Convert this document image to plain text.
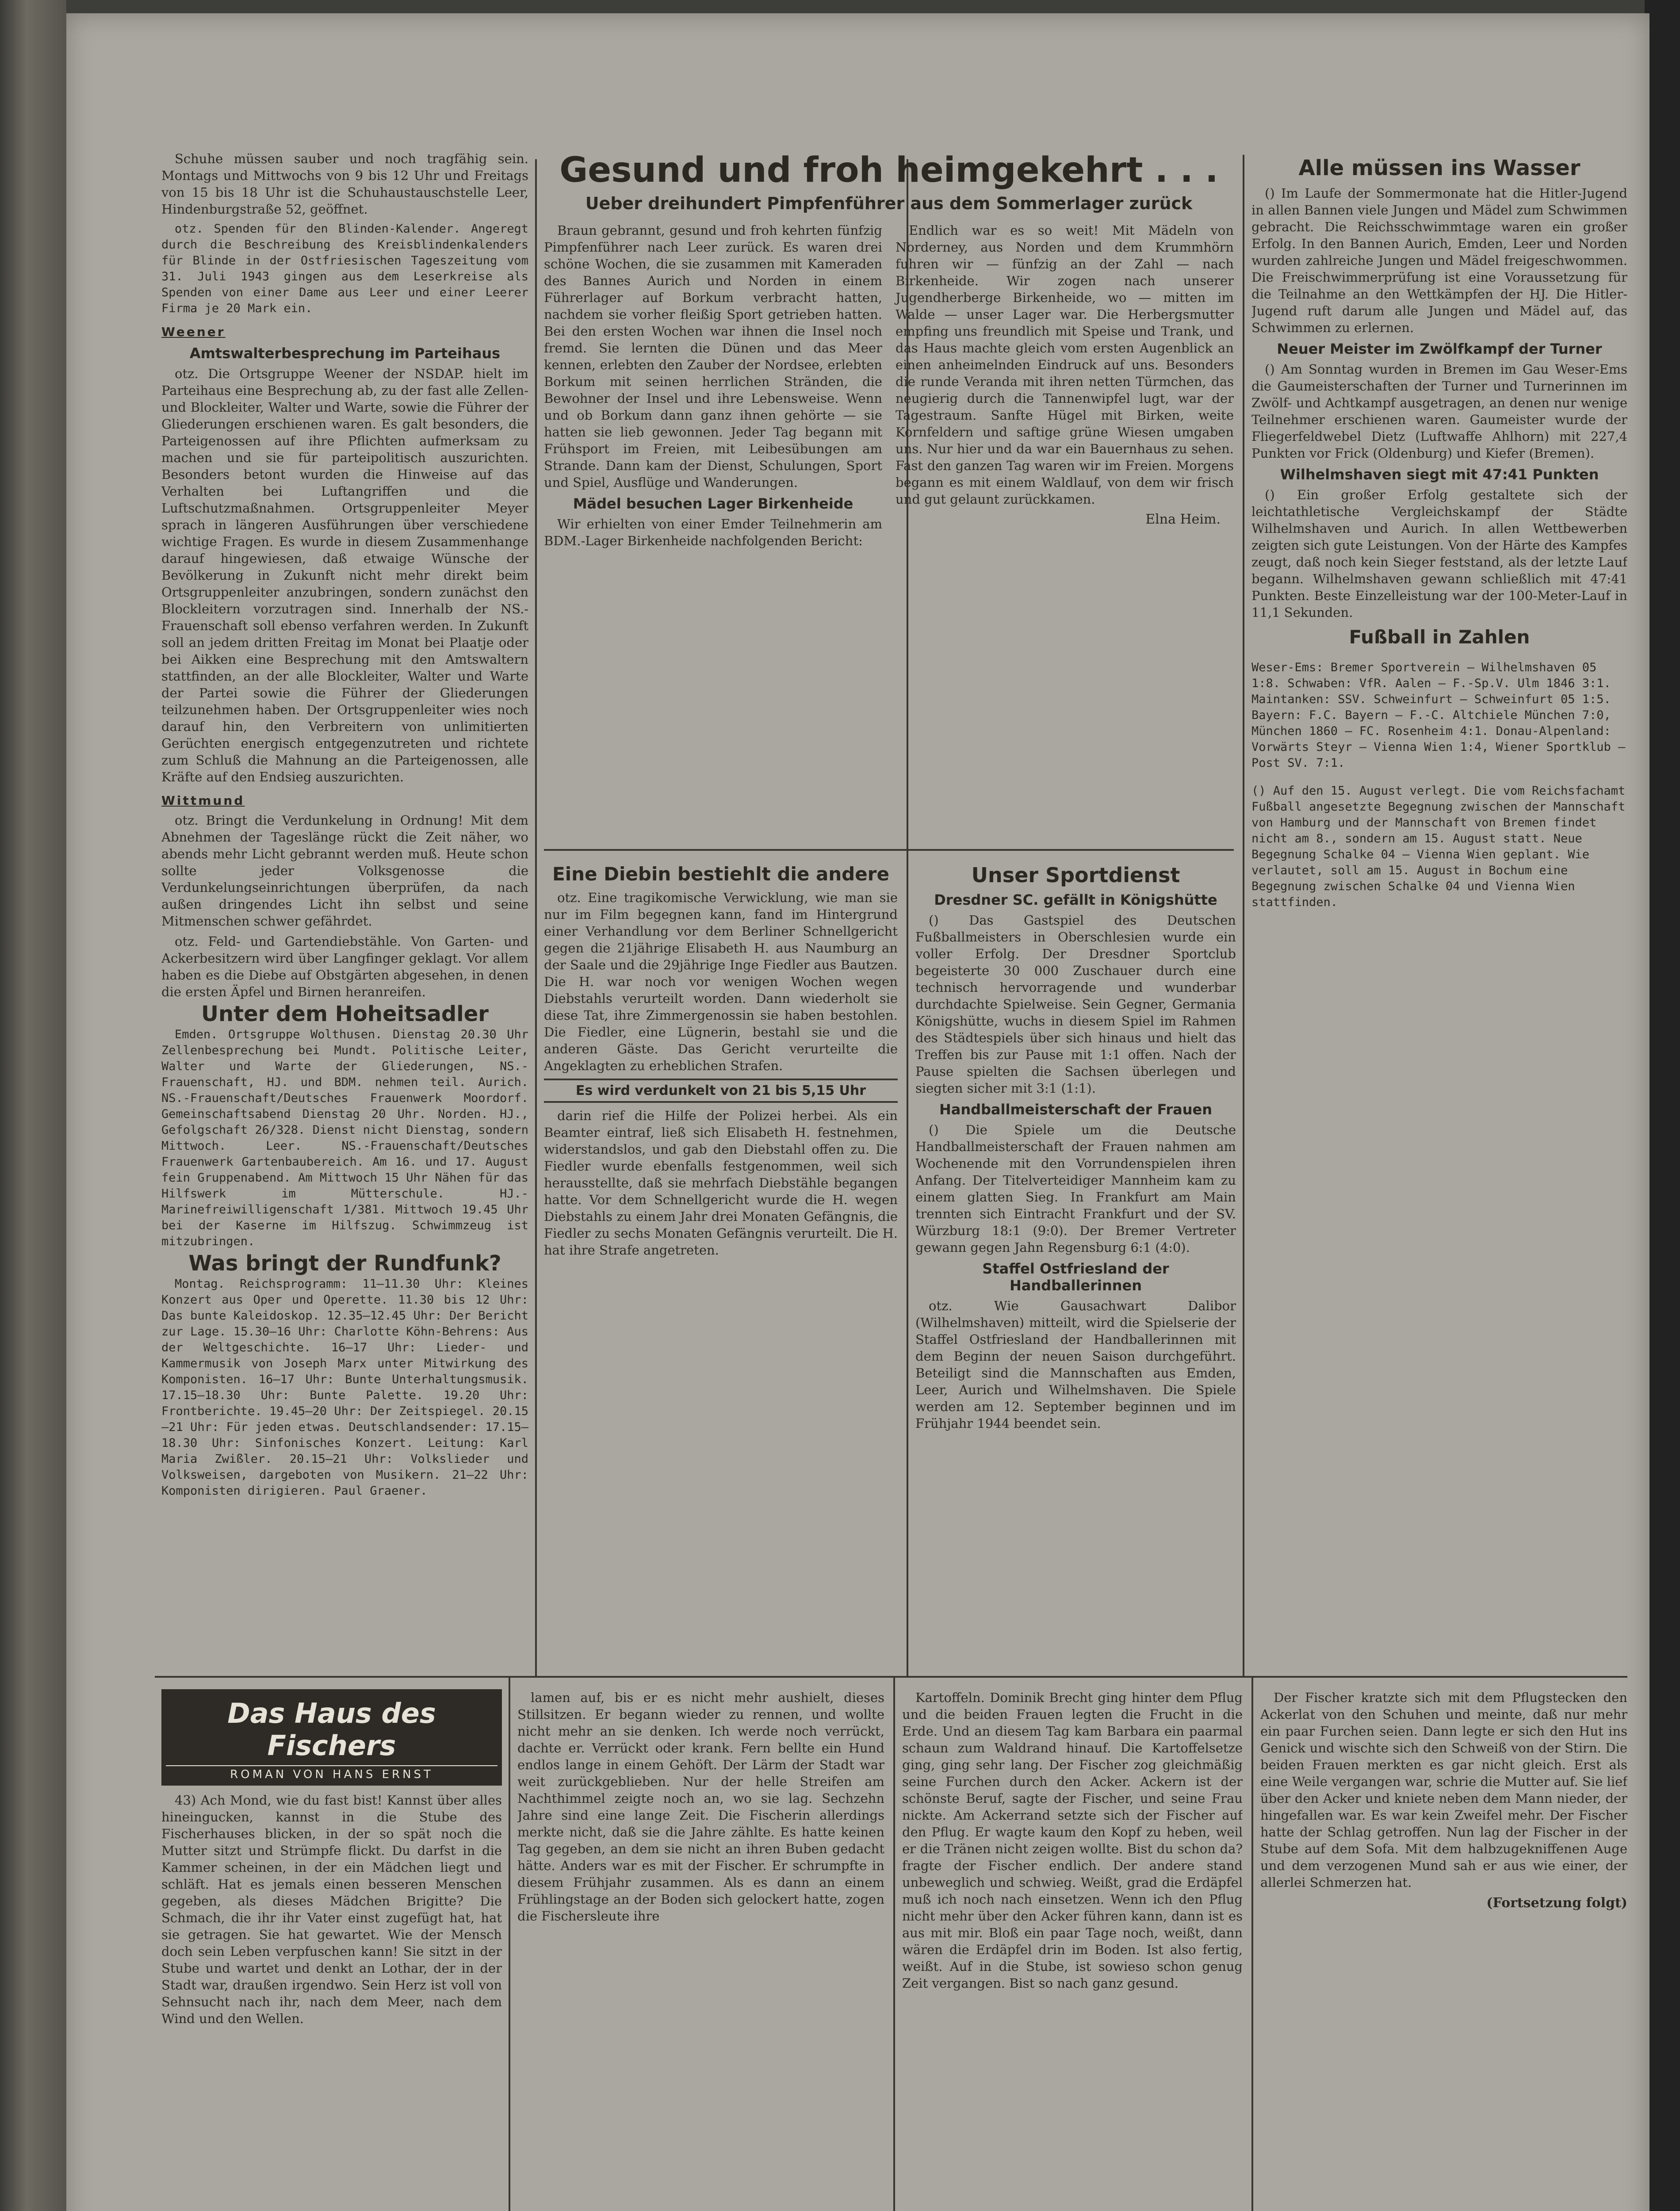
Schuhe müssen sauber und noch tragfähig sein. Montags und Mittwochs von 9 bis 12 Uhr und Freitags von 15 bis 18 Uhr ist die Schuhaustauschstelle Leer, Hindenburgstraße 52, geöffnet.

otz. Spenden für den Blinden-Kalender. Angeregt durch die Beschreibung des Kreisblindenkalenders für Blinde in der Ostfriesischen Tageszeitung vom 31. Juli 1943 gingen aus dem Leserkreise als Spenden von einer Dame aus Leer und einer Leerer Firma je 20 Mark ein.

Weener
Amtswalterbesprechung im Parteihaus

otz. Die Ortsgruppe Weener der NSDAP. hielt im Parteihaus eine Besprechung ab, zu der fast alle Zellen- und Blockleiter, Walter und Warte, sowie die Führer der Gliederungen erschienen waren. Es galt besonders, die Parteigenossen auf ihre Pflichten aufmerksam zu machen und sie für parteipolitisch auszurichten. Besonders betont wurden die Hinweise auf das Verhalten bei Luftangriffen und die Luftschutzmaßnahmen. Ortsgruppenleiter Meyer sprach in längeren Ausführungen über verschiedene wichtige Fragen. Es wurde in diesem Zusammenhange darauf hingewiesen, daß etwaige Wünsche der Bevölkerung in Zukunft nicht mehr direkt beim Ortsgruppenleiter anzubringen, sondern zunächst den Blockleitern vorzutragen sind. Innerhalb der NS.-Frauenschaft soll ebenso verfahren werden. In Zukunft soll an jedem dritten Freitag im Monat bei Plaatje oder bei Aikken eine Besprechung mit den Amtswaltern stattfinden, an der alle Blockleiter, Walter und Warte der Partei sowie die Führer der Gliederungen teilzunehmen haben. Der Ortsgruppenleiter wies noch darauf hin, den Verbreitern von unlimitierten Gerüchten energisch entgegenzutreten und richtete zum Schluß die Mahnung an die Parteigenossen, alle Kräfte auf den Endsieg auszurichten.

Wittmund

otz. Bringt die Verdunkelung in Ordnung! Mit dem Abnehmen der Tageslänge rückt die Zeit näher, wo abends mehr Licht gebrannt werden muß. Heute schon sollte jeder Volksgenosse die Verdunkelungseinrichtungen überprüfen, da nach außen dringendes Licht ihn selbst und seine Mitmenschen schwer gefährdet.

otz. Feld- und Gartendiebstähle. Von Garten- und Ackerbesitzern wird über Langfinger geklagt. Vor allem haben es die Diebe auf Obstgärten abgesehen, in denen die ersten Äpfel und Birnen heranreifen.

Unter dem Hoheitsadler

Emden. Ortsgruppe Wolthusen. Dienstag 20.30 Uhr Zellenbesprechung bei Mundt. Politische Leiter, Walter und Warte der Gliederungen, NS.-Frauenschaft, HJ. und BDM. nehmen teil. Aurich. NS.-Frauenschaft/Deutsches Frauenwerk Moordorf. Gemeinschaftsabend Dienstag 20 Uhr. Norden. HJ., Gefolgschaft 26/328. Dienst nicht Dienstag, sondern Mittwoch. Leer. NS.-Frauenschaft/Deutsches Frauenwerk Gartenbaubereich. Am 16. und 17. August fein Gruppenabend. Am Mittwoch 15 Uhr Nähen für das Hilfswerk im Mütterschule. HJ.-Marinefreiwilligenschaft 1/381. Mittwoch 19.45 Uhr bei der Kaserne im Hilfszug. Schwimmzeug ist mitzubringen.

Was bringt der Rundfunk?

Montag. Reichsprogramm: 11—11.30 Uhr: Kleines Konzert aus Oper und Operette. 11.30 bis 12 Uhr: Das bunte Kaleidoskop. 12.35—12.45 Uhr: Der Bericht zur Lage. 15.30—16 Uhr: Charlotte Köhn-Behrens: Aus der Weltgeschichte. 16—17 Uhr: Lieder- und Kammermusik von Joseph Marx unter Mitwirkung des Komponisten. 16—17 Uhr: Bunte Unterhaltungsmusik. 17.15—18.30 Uhr: Bunte Palette. 19.20 Uhr: Frontberichte. 19.45—20 Uhr: Der Zeitspiegel. 20.15—21 Uhr: Für jeden etwas. Deutschlandsender: 17.15—18.30 Uhr: Sinfonisches Konzert. Leitung: Karl Maria Zwißler. 20.15—21 Uhr: Volkslieder und Volksweisen, dargeboten von Musikern. 21—22 Uhr: Komponisten dirigieren. Paul Graener.

Gesund und froh heimgekehrt . . .
Ueber dreihundert Pimpfenführer aus dem Sommerlager zurück

Braun gebrannt, gesund und froh kehrten fünfzig Pimpfenführer nach Leer zurück. Es waren drei schöne Wochen, die sie zusammen mit Kameraden des Bannes Aurich und Norden in einem Führerlager auf Borkum verbracht hatten, nachdem sie vorher fleißig Sport getrieben hatten. Bei den ersten Wochen war ihnen die Insel noch fremd. Sie lernten die Dünen und das Meer kennen, erlebten den Zauber der Nordsee, erlebten Borkum mit seinen herrlichen Stränden, die Bewohner der Insel und ihre Lebensweise. Wenn und ob Borkum dann ganz ihnen gehörte — sie hatten sie lieb gewonnen. Jeder Tag begann mit Frühsport im Freien, mit Leibesübungen am Strande. Dann kam der Dienst, Schulungen, Sport und Spiel, Ausflüge und Wanderungen.

Mädel besuchen Lager Birkenheide

Wir erhielten von einer Emder Teilnehmerin am BDM.-Lager Birkenheide nachfolgenden Bericht:

Endlich war es so weit! Mit Mädeln von Norderney, aus Norden und dem Krummhörn fuhren wir — fünfzig an der Zahl — nach Birkenheide. Wir zogen nach unserer Jugendherberge Birkenheide, wo — mitten im Walde — unser Lager war. Die Herbergsmutter empfing uns freundlich mit Speise und Trank, und das Haus machte gleich vom ersten Augenblick an einen anheimelnden Eindruck auf uns. Besonders die runde Veranda mit ihren netten Türmchen, das neugierig durch die Tannenwipfel lugt, war der Tagestraum. Sanfte Hügel mit Birken, weite Kornfeldern und saftige grüne Wiesen umgaben uns. Nur hier und da war ein Bauernhaus zu sehen. Fast den ganzen Tag waren wir im Freien. Morgens begann es mit einem Waldlauf, von dem wir frisch und gut gelaunt zurückkamen.

Elna Heim.
Eine Diebin bestiehlt die andere

otz. Eine tragikomische Verwicklung, wie man sie nur im Film begegnen kann, fand im Hintergrund einer Verhandlung vor dem Berliner Schnellgericht gegen die 21jährige Elisabeth H. aus Naumburg an der Saale und die 29jährige Inge Fiedler aus Bautzen. Die H. war noch vor wenigen Wochen wegen Diebstahls verurteilt worden. Dann wiederholt sie diese Tat, ihre Zimmergenossin sie haben bestohlen. Die Fiedler, eine Lügnerin, bestahl sie und die anderen Gäste. Das Gericht verurteilte die Angeklagten zu erheblichen Strafen.

Es wird verdunkelt von 21 bis 5,15 Uhr

darin rief die Hilfe der Polizei herbei. Als ein Beamter eintraf, ließ sich Elisabeth H. festnehmen, widerstandslos, und gab den Diebstahl offen zu. Die Fiedler wurde ebenfalls festgenommen, weil sich herausstellte, daß sie mehrfach Diebstähle begangen hatte. Vor dem Schnellgericht wurde die H. wegen Diebstahls zu einem Jahr drei Monaten Gefängnis, die Fiedler zu sechs Monaten Gefängnis verurteilt. Die H. hat ihre Strafe angetreten.

Unser Sportdienst
Dresdner SC. gefällt in Königshütte

() Das Gastspiel des Deutschen Fußballmeisters in Oberschlesien wurde ein voller Erfolg. Der Dresdner Sportclub begeisterte 30 000 Zuschauer durch eine technisch hervorragende und wunderbar durchdachte Spielweise. Sein Gegner, Germania Königshütte, wuchs in diesem Spiel im Rahmen des Städtespiels über sich hinaus und hielt das Treffen bis zur Pause mit 1:1 offen. Nach der Pause spielten die Sachsen überlegen und siegten sicher mit 3:1 (1:1).

Handballmeisterschaft der Frauen

() Die Spiele um die Deutsche Handballmeisterschaft der Frauen nahmen am Wochenende mit den Vorrundenspielen ihren Anfang. Der Titelverteidiger Mannheim kam zu einem glatten Sieg. In Frankfurt am Main trennten sich Eintracht Frankfurt und der SV. Würzburg 18:1 (9:0). Der Bremer Vertreter gewann gegen Jahn Regensburg 6:1 (4:0).

Staffel Ostfriesland der Handballerinnen

otz. Wie Gausachwart Dalibor (Wilhelmshaven) mitteilt, wird die Spielserie der Staffel Ostfriesland der Handballerinnen mit dem Beginn der neuen Saison durchgeführt. Beteiligt sind die Mannschaften aus Emden, Leer, Aurich und Wilhelmshaven. Die Spiele werden am 12. September beginnen und im Frühjahr 1944 beendet sein.

Alle müssen ins Wasser

() Im Laufe der Sommermonate hat die Hitler-Jugend in allen Bannen viele Jungen und Mädel zum Schwimmen gebracht. Die Reichsschwimmtage waren ein großer Erfolg. In den Bannen Aurich, Emden, Leer und Norden wurden zahlreiche Jungen und Mädel freigeschwommen. Die Freischwimmerprüfung ist eine Voraussetzung für die Teilnahme an den Wettkämpfen der HJ. Die Hitler-Jugend ruft darum alle Jungen und Mädel auf, das Schwimmen zu erlernen.

Neuer Meister im Zwölfkampf der Turner

() Am Sonntag wurden in Bremen im Gau Weser-Ems die Gaumeisterschaften der Turner und Turnerinnen im Zwölf- und Achtkampf ausgetragen, an denen nur wenige Teilnehmer erschienen waren. Gaumeister wurde der Fliegerfeldwebel Dietz (Luftwaffe Ahlhorn) mit 227,4 Punkten vor Frick (Oldenburg) und Kiefer (Bremen).

Wilhelmshaven siegt mit 47:41 Punkten

() Ein großer Erfolg gestaltete sich der leichtathletische Vergleichskampf der Städte Wilhelmshaven und Aurich. In allen Wettbewerben zeigten sich gute Leistungen. Von der Härte des Kampfes zeugt, daß noch kein Sieger feststand, als der letzte Lauf begann. Wilhelmshaven gewann schließlich mit 47:41 Punkten. Beste Einzelleistung war der 100-Meter-Lauf in 11,1 Sekunden.

Fußball in Zahlen

Weser-Ems: Bremer Sportverein — Wilhelmshaven 05 1:8. Schwaben: VfR. Aalen — F.-Sp.V. Ulm 1846 3:1. Maintanken: SSV. Schweinfurt — Schweinfurt 05 1:5. Bayern: F.C. Bayern — F.-C. Altchiele München 7:0, München 1860 — FC. Rosenheim 4:1. Donau-Alpenland: Vorwärts Steyr — Vienna Wien 1:4, Wiener Sportklub — Post SV. 7:1.

() Auf den 15. August verlegt. Die vom Reichsfachamt Fußball angesetzte Begegnung zwischen der Mannschaft von Hamburg und der Mannschaft von Bremen findet nicht am 8., sondern am 15. August statt. Neue Begegnung Schalke 04 — Vienna Wien geplant. Wie verlautet, soll am 15. August in Bochum eine Begegnung zwischen Schalke 04 und Vienna Wien stattfinden.

Das Haus des Fischers
ROMAN VON HANS ERNST

43) Ach Mond, wie du fast bist! Kannst über alles hineingucken, kannst in die Stube des Fischerhauses blicken, in der so spät noch die Mutter sitzt und Strümpfe flickt. Du darfst in die Kammer scheinen, in der ein Mädchen liegt und schläft. Hat es jemals einen besseren Menschen gegeben, als dieses Mädchen Brigitte? Die Schmach, die ihr ihr Vater einst zugefügt hat, hat sie getragen. Sie hat gewartet. Wie der Mensch doch sein Leben verpfuschen kann! Sie sitzt in der Stube und wartet und denkt an Lothar, der in der Stadt war, draußen irgendwo. Sein Herz ist voll von Sehnsucht nach ihr, nach dem Meer, nach dem Wind und den Wellen.

lamen auf, bis er es nicht mehr aushielt, dieses Stillsitzen. Er begann wieder zu rennen, und wollte nicht mehr an sie denken. Ich werde noch verrückt, dachte er. Verrückt oder krank. Fern bellte ein Hund endlos lange in einem Gehöft. Der Lärm der Stadt war weit zurückgeblieben. Nur der helle Streifen am Nachthimmel zeigte noch an, wo sie lag. Sechzehn Jahre sind eine lange Zeit. Die Fischerin allerdings merkte nicht, daß sie die Jahre zählte. Es hatte keinen Tag gegeben, an dem sie nicht an ihren Buben gedacht hätte. Anders war es mit der Fischer. Er schrumpfte in diesem Frühjahr zusammen. Als es dann an einem Frühlingstage an der Boden sich gelockert hatte, zogen die Fischersleute ihre

Kartoffeln. Dominik Brecht ging hinter dem Pflug und die beiden Frauen legten die Frucht in die Erde. Und an diesem Tag kam Barbara ein paarmal schaun zum Waldrand hinauf. Die Kartoffelsetze ging, ging sehr lang. Der Fischer zog gleichmäßig seine Furchen durch den Acker. Ackern ist der schönste Beruf, sagte der Fischer, und seine Frau nickte. Am Ackerrand setzte sich der Fischer auf den Pflug. Er wagte kaum den Kopf zu heben, weil er die Tränen nicht zeigen wollte. Bist du schon da? fragte der Fischer endlich. Der andere stand unbeweglich und schwieg. Weißt, grad die Erdäpfel muß ich noch nach einsetzen. Wenn ich den Pflug nicht mehr über den Acker führen kann, dann ist es aus mit mir. Bloß ein paar Tage noch, weißt, dann wären die Erdäpfel drin im Boden. Ist also fertig, weißt. Auf in die Stube, ist sowieso schon genug Zeit vergangen. Bist so nach ganz gesund.

Der Fischer kratzte sich mit dem Pflugstecken den Ackerlat von den Schuhen und meinte, daß nur mehr ein paar Furchen seien. Dann legte er sich den Hut ins Genick und wischte sich den Schweiß von der Stirn. Die beiden Frauen merkten es gar nicht gleich. Erst als eine Weile vergangen war, schrie die Mutter auf. Sie lief über den Acker und kniete neben dem Mann nieder, der hingefallen war. Es war kein Zweifel mehr. Der Fischer hatte der Schlag getroffen. Nun lag der Fischer in der Stube auf dem Sofa. Mit dem halbzugekniffenen Auge und dem verzogenen Mund sah er aus wie einer, der allerlei Schmerzen hat.

(Fortsetzung folgt)
